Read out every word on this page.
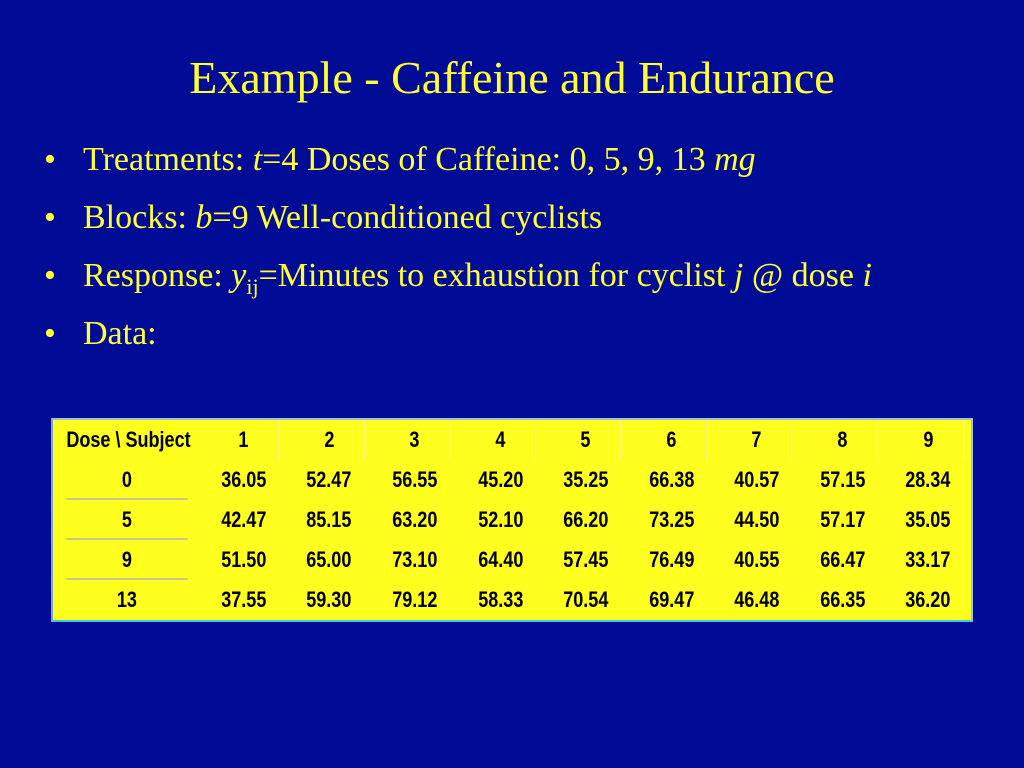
Example - Caffeine and Endurance
• Treatments: t=4 Doses of Caffeine: 0, 5, 9, 13 mg
• Blocks: b=9 Well-conditioned cyclists
• Response: $y_{ij}=Minutes$ to exhaustion for cyclist j @ dose i
• Data:
Dose \ Subject	1	2	3	4	5	6	7	8	9
0	36.05	52.47	56.55	45.20	35.25	66.38	40.57	57.15	28.34
5	42.47	85.15	63.20	52.10	66.20	73.25	44.50	57.17	35.05
9	51.50	65.00	73.10	64.40	57.45	76.49	40.55	66.47	33.17
13	37.55	59.30	79.12	58.33	70.54	69.47	46.48	66.35	36.20
